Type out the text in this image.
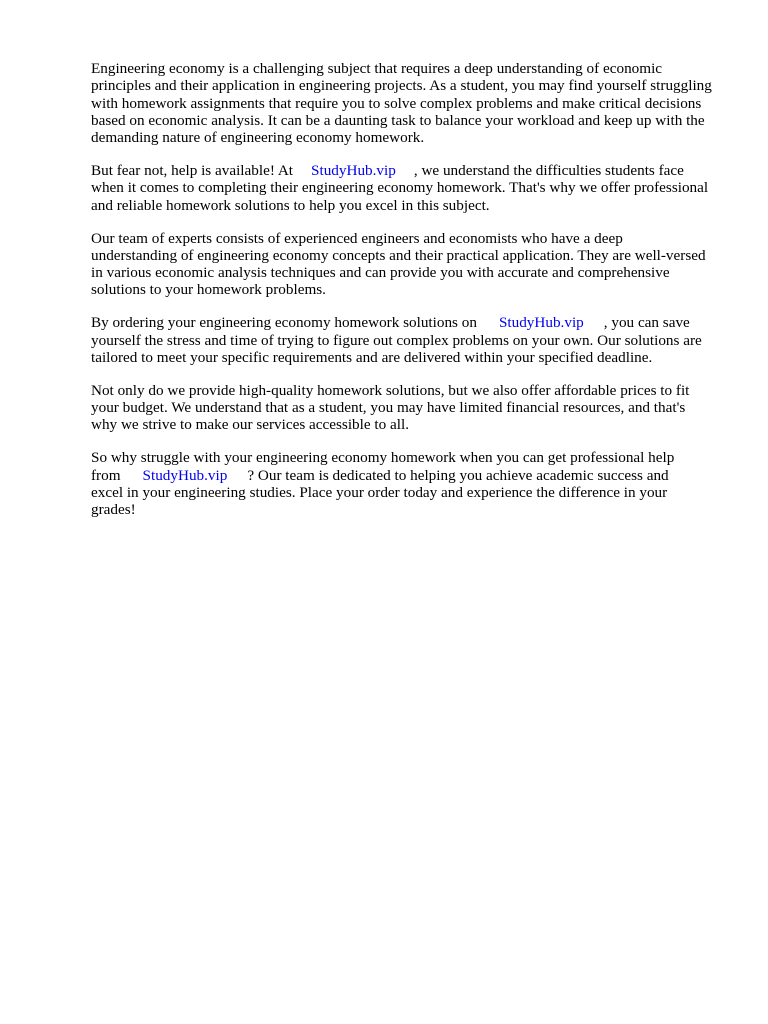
Engineering economy is a challenging subject that requires a deep understanding of economic
principles and their application in engineering projects. As a student, you may find yourself struggling
with homework assignments that require you to solve complex problems and make critical decisions
based on economic analysis. It can be a daunting task to balance your workload and keep up with the
demanding nature of engineering economy homework.

But fear not, help is available! At StudyHub.vip , we understand the difficulties students face
when it comes to completing their engineering economy homework. That's why we offer professional
and reliable homework solutions to help you excel in this subject.

Our team of experts consists of experienced engineers and economists who have a deep
understanding of engineering economy concepts and their practical application. They are well-versed
in various economic analysis techniques and can provide you with accurate and comprehensive
solutions to your homework problems.

By ordering your engineering economy homework solutions on StudyHub.vip , you can save
yourself the stress and time of trying to figure out complex problems on your own. Our solutions are
tailored to meet your specific requirements and are delivered within your specified deadline.

Not only do we provide high-quality homework solutions, but we also offer affordable prices to fit
your budget. We understand that as a student, you may have limited financial resources, and that's
why we strive to make our services accessible to all.

So why struggle with your engineering economy homework when you can get professional help
from StudyHub.vip ? Our team is dedicated to helping you achieve academic success and
excel in your engineering studies. Place your order today and experience the difference in your
grades!
